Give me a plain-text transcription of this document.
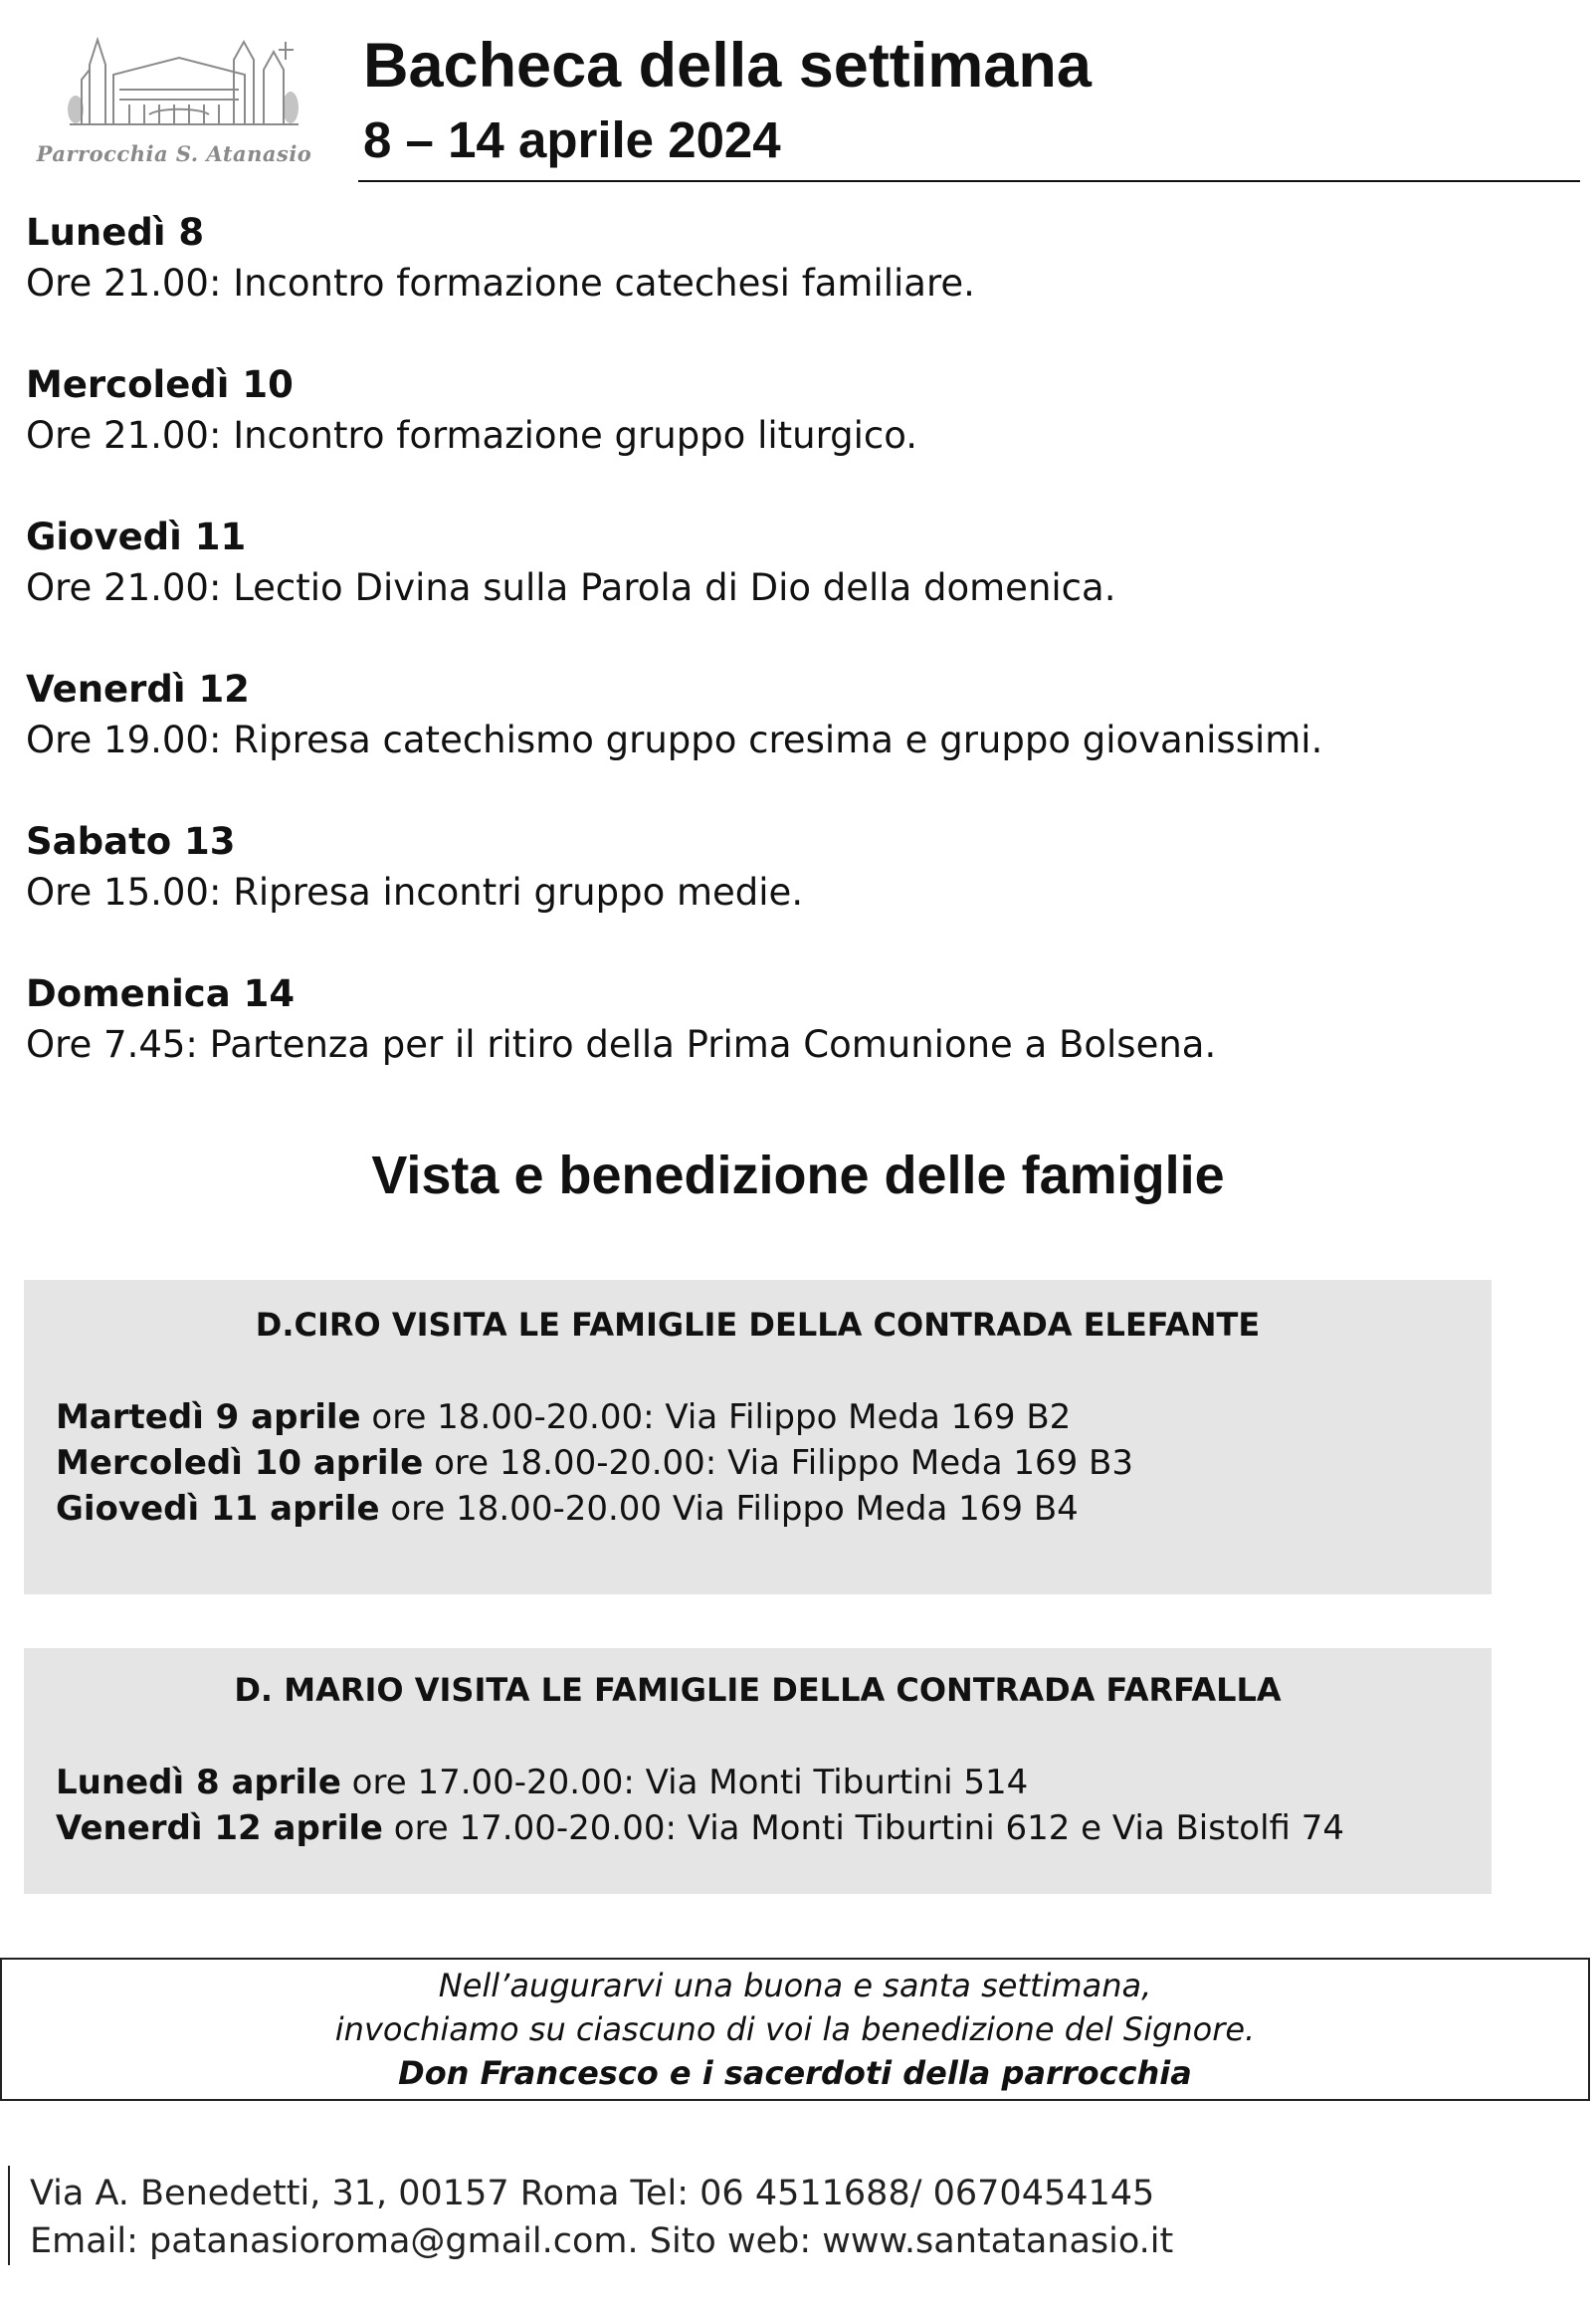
Parrocchia S. Atanasio
Bacheca della settimana
8 – 14 aprile 2024
Lunedì 8
Ore 21.00: Incontro formazione catechesi familiare.
Mercoledì 10
Ore 21.00: Incontro formazione gruppo liturgico.
Giovedì 11
Ore 21.00: Lectio Divina sulla Parola di Dio della domenica.
Venerdì 12
Ore 19.00: Ripresa catechismo gruppo cresima e gruppo giovanissimi.
Sabato 13
Ore 15.00: Ripresa incontri gruppo medie.
Domenica 14
Ore 7.45: Partenza per il ritiro della Prima Comunione a Bolsena.
Vista e benedizione delle famiglie
D.CIRO VISITA LE FAMIGLIE DELLA CONTRADA ELEFANTE
Martedì 9 aprile ore 18.00-20.00: Via Filippo Meda 169 B2
Mercoledì 10 aprile ore 18.00-20.00: Via Filippo Meda 169 B3
Giovedì 11 aprile ore 18.00-20.00 Via Filippo Meda 169 B4
D. MARIO VISITA LE FAMIGLIE DELLA CONTRADA FARFALLA
Lunedì 8 aprile ore 17.00-20.00: Via Monti Tiburtini 514
Venerdì 12 aprile ore 17.00-20.00: Via Monti Tiburtini 612 e Via Bistolfi 74
Nell’augurarvi una buona e santa settimana,
invochiamo su ciascuno di voi la benedizione del Signore.
Don Francesco e i sacerdoti della parrocchia
Via A. Benedetti, 31, 00157 Roma Tel: 06 4511688/ 0670454145
Email: patanasioroma@gmail.com. Sito web: www.santatanasio.it
